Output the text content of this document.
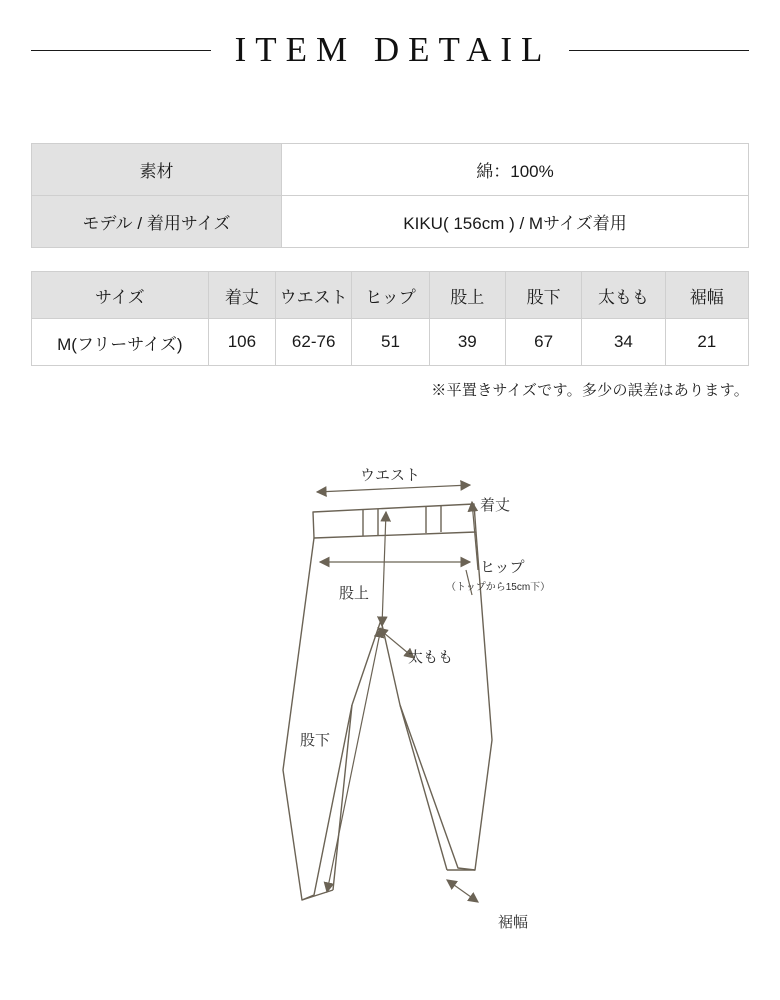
ITEM DETAIL
素材	綿：100%
モデル / 着用サイズ	KIKU( 156cm ) / Mサイズ着用
サイズ	着丈	ウエスト	ヒップ	股上	股下	太もも	裾幅
M(フリーサイズ)	106	62-76	51	39	67	34	21
※平置きサイズです。多少の誤差はあります。
ウエスト
着丈
ヒップ
（トップから15cm下）
股上
太もも
股下
裾幅
